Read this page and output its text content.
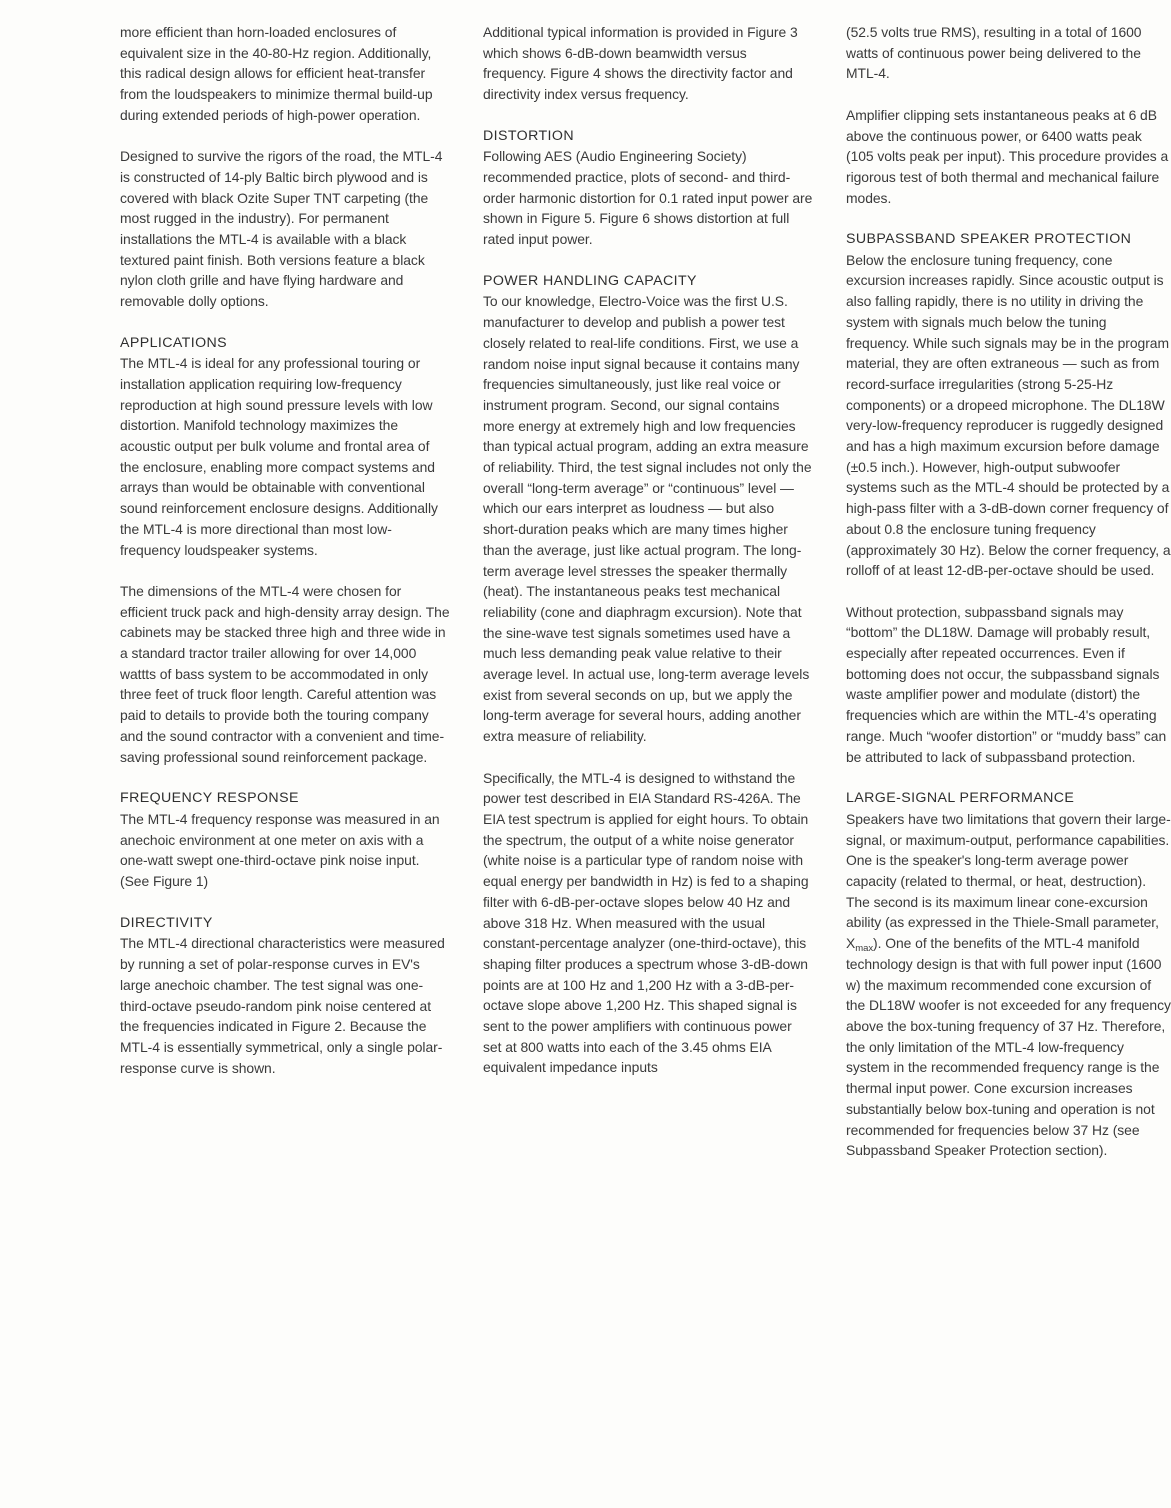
more efficient than horn-loaded enclosures of equivalent size in the 40-80-Hz region. Additionally, this radical design allows for efficient heat-transfer from the loudspeakers to minimize thermal build-up during extended periods of high-power operation.

Designed to survive the rigors of the road, the MTL-4 is constructed of 14-ply Baltic birch plywood and is covered with black Ozite Super TNT carpeting (the most rugged in the industry). For permanent installations the MTL-4 is available with a black textured paint finish. Both versions feature a black nylon cloth grille and have flying hardware and removable dolly options.

APPLICATIONS

The MTL-4 is ideal for any professional touring or installation application requiring low-frequency reproduction at high sound pressure levels with low distortion. Manifold technology maximizes the acoustic output per bulk volume and frontal area of the enclosure, enabling more compact systems and arrays than would be obtainable with conventional sound reinforcement enclosure designs. Additionally the MTL-4 is more directional than most low-frequency loudspeaker systems.

The dimensions of the MTL-4 were chosen for efficient truck pack and high-density array design. The cabinets may be stacked three high and three wide in a standard tractor trailer allowing for over 14,000 wattts of bass system to be accommodated in only three feet of truck floor length. Careful attention was paid to details to provide both the touring company and the sound contractor with a convenient and time-saving professional sound reinforcement package.

FREQUENCY RESPONSE

The MTL-4 frequency response was measured in an anechoic environment at one meter on axis with a one-watt swept one-third-octave pink noise input.
(See Figure 1)

DIRECTIVITY

The MTL-4 directional characteristics were measured by running a set of polar-response curves in EV's large anechoic chamber. The test signal was one-third-octave pseudo-random pink noise centered at the frequencies indicated in Figure 2. Because the MTL-4 is essentially symmetrical, only a single polar-response curve is shown.

Additional typical information is provided in Figure 3 which shows 6-dB-down beamwidth versus frequency. Figure 4 shows the directivity factor and directivity index versus frequency.

DISTORTION

Following AES (Audio Engineering Society) recommended practice, plots of second- and third-order harmonic distortion for 0.1 rated input power are shown in Figure 5. Figure 6 shows distortion at full rated input power.

POWER HANDLING CAPACITY

To our knowledge, Electro-Voice was the first U.S. manufacturer to develop and publish a power test closely related to real-life conditions. First, we use a random noise input signal because it contains many frequencies simultaneously, just like real voice or instrument program. Second, our signal contains more energy at extremely high and low frequencies than typical actual program, adding an extra measure of reliability. Third, the test signal includes not only the overall “long-term average” or “continuous” level — which our ears interpret as loudness — but also short-duration peaks which are many times higher than the average, just like actual program. The long-term average level stresses the speaker thermally (heat). The instantaneous peaks test mechanical reliability (cone and diaphragm excursion). Note that the sine-wave test signals sometimes used have a much less demanding peak value relative to their average level. In actual use, long-term average levels exist from several seconds on up, but we apply the long-term average for several hours, adding another extra measure of reliability.

Specifically, the MTL-4 is designed to withstand the power test described in EIA Standard RS-426A. The EIA test spectrum is applied for eight hours. To obtain the spectrum, the output of a white noise generator (white noise is a particular type of random noise with equal energy per bandwidth in Hz) is fed to a shaping filter with 6-dB-per-octave slopes below 40 Hz and above 318 Hz. When measured with the usual constant-percentage analyzer (one-third-octave), this shaping filter produces a spectrum whose 3-dB-down points are at 100 Hz and 1,200 Hz with a 3-dB-per-octave slope above 1,200 Hz. This shaped signal is sent to the power amplifiers with continuous power set at 800 watts into each of the 3.45 ohms EIA equivalent impedance inputs

(52.5 volts true RMS), resulting in a total of 1600 watts of continuous power being delivered to the MTL-4.

Amplifier clipping sets instantaneous peaks at 6 dB above the continuous power, or 6400 watts peak (105 volts peak per input). This procedure provides a rigorous test of both thermal and mechanical failure modes.

SUBPASSBAND SPEAKER PROTECTION

Below the enclosure tuning frequency, cone excursion increases rapidly. Since acoustic output is also falling rapidly, there is no utility in driving the system with signals much below the tuning frequency. While such signals may be in the program material, they are often extraneous — such as from record-surface irregularities (strong 5-25-Hz components) or a dropeed microphone. The DL18W very-low-frequency reproducer is ruggedly designed and has a high maximum excursion before damage (±0.5 inch.). However, high-output subwoofer systems such as the MTL-4 should be protected by a high-pass filter with a 3-dB-down corner frequency of about 0.8 the enclosure tuning frequency (approximately 30 Hz). Below the corner frequency, a rolloff of at least 12-dB-per-octave should be used.

Without protection, subpassband signals may “bottom” the DL18W. Damage will probably result, especially after repeated occurrences. Even if bottoming does not occur, the subpassband signals waste amplifier power and modulate (distort) the frequencies which are within the MTL-4's operating range. Much “woofer distortion” or “muddy bass” can be attributed to lack of subpassband protection.

LARGE-SIGNAL PERFORMANCE

Speakers have two limitations that govern their large-signal, or maximum-output, performance capabilities. One is the speaker's long-term average power capacity (related to thermal, or heat, destruction). The second is its maximum linear cone-excursion ability (as expressed in the Thiele-Small parameter, $X_{max}$). One of the benefits of the MTL-4 manifold technology design is that with full power input (1600 w) the maximum recommended cone excursion of the DL18W woofer is not exceeded for any frequency above the box-tuning frequency of 37 Hz. Therefore, the only limitation of the MTL-4 low-frequency system in the recommended frequency range is the thermal input power. Cone excursion increases substantially below box-tuning and operation is not recommended for frequencies below 37 Hz (see Subpassband Speaker Protection section).
